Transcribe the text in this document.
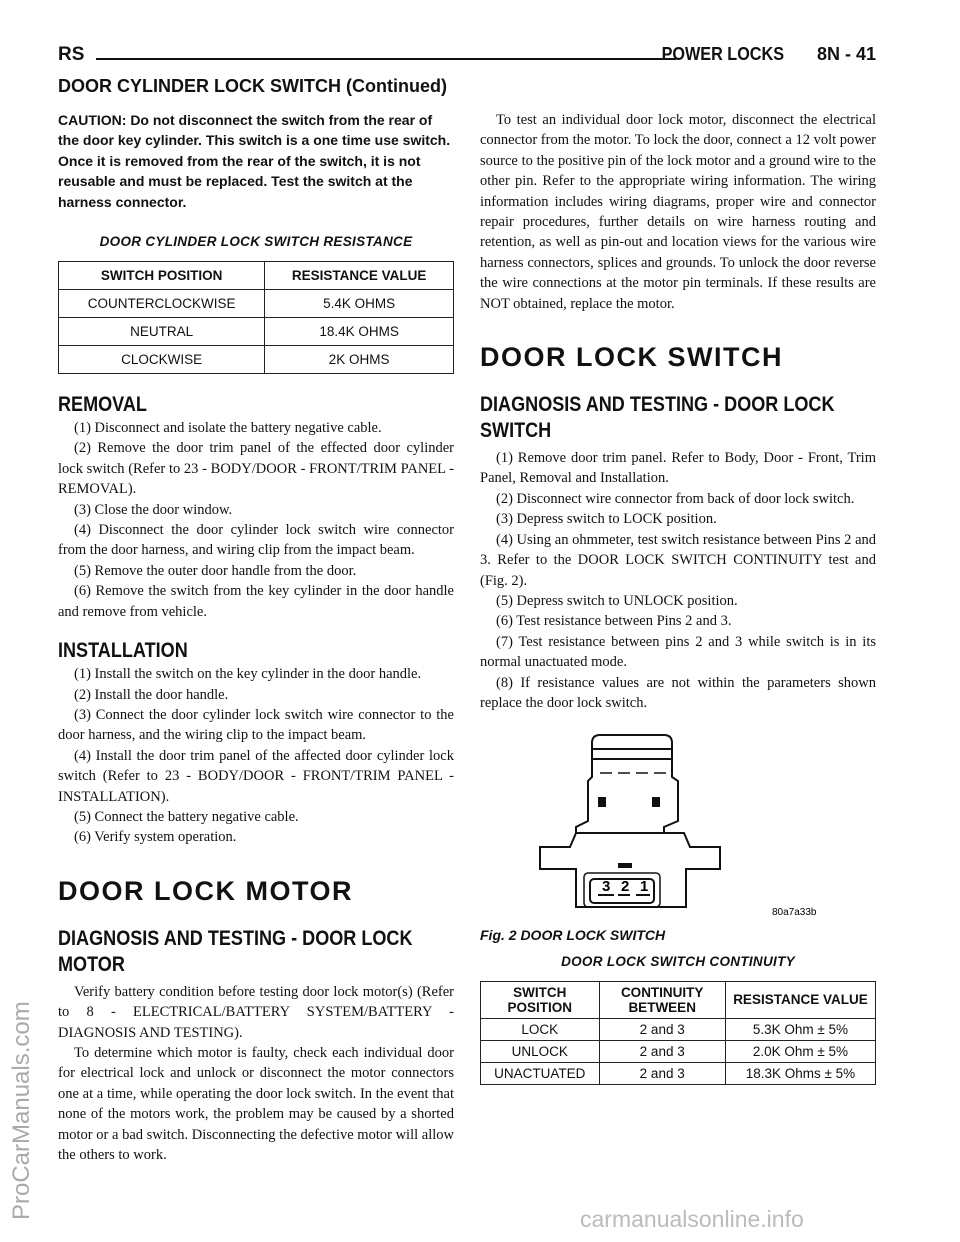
RS	POWER LOCKS 8N - 41
DOOR CYLINDER LOCK SWITCH (Continued)

CAUTION: Do not disconnect the switch from the rear of the door key cylinder. This switch is a one time use switch. Once it is removed from the rear of the switch, it is not reusable and must be replaced. Test the switch at the harness connector.

DOOR CYLINDER LOCK SWITCH RESISTANCE
SWITCH POSITION	RESISTANCE VALUE
COUNTERCLOCKWISE	5.4K OHMS
NEUTRAL	18.4K OHMS
CLOCKWISE	2K OHMS
REMOVAL

(1) Disconnect and isolate the battery negative cable.

(2) Remove the door trim panel of the effected door cylinder lock switch (Refer to 23 - BODY/DOOR - FRONT/TRIM PANEL - REMOVAL).

(3) Close the door window.

(4) Disconnect the door cylinder lock switch wire connector from the door harness, and wiring clip from the impact beam.

(5) Remove the outer door handle from the door.

(6) Remove the switch from the key cylinder in the door handle and remove from vehicle.

INSTALLATION

(1) Install the switch on the key cylinder in the door handle.

(2) Install the door handle.

(3) Connect the door cylinder lock switch wire connector to the door harness, and the wiring clip to the impact beam.

(4) Install the door trim panel of the affected door cylinder lock switch (Refer to 23 - BODY/DOOR - FRONT/TRIM PANEL - INSTALLATION).

(5) Connect the battery negative cable.

(6) Verify system operation.

DOOR LOCK MOTOR
DIAGNOSIS AND TESTING - DOOR LOCK MOTOR

Verify battery condition before testing door lock motor(s) (Refer to 8 - ELECTRICAL/BATTERY SYSTEM/BATTERY - DIAGNOSIS AND TESTING).

To determine which motor is faulty, check each individual door for electrical lock and unlock or disconnect the motor connectors one at a time, while operating the door lock switch. In the event that none of the motors work, the problem may be caused by a shorted motor or a bad switch. Disconnecting the defective motor will allow the others to work.

To test an individual door lock motor, disconnect the electrical connector from the motor. To lock the door, connect a 12 volt power source to the positive pin of the lock motor and a ground wire to the other pin. Refer to the appropriate wiring information. The wiring information includes wiring diagrams, proper wire and connector repair procedures, further details on wire harness routing and retention, as well as pin-out and location views for the various wire harness connectors, splices and grounds. To unlock the door reverse the wire connections at the motor pin terminals. If these results are NOT obtained, replace the motor.

DOOR LOCK SWITCH
DIAGNOSIS AND TESTING - DOOR LOCK SWITCH

(1) Remove door trim panel. Refer to Body, Door - Front, Trim Panel, Removal and Installation.

(2) Disconnect wire connector from back of door lock switch.

(3) Depress switch to LOCK position.

(4) Using an ohmmeter, test switch resistance between Pins 2 and 3. Refer to the DOOR LOCK SWITCH CONTINUITY test and (Fig. 2).

(5) Depress switch to UNLOCK position.

(6) Test resistance between Pins 2 and 3.

(7) Test resistance between pins 2 and 3 while switch is in its normal unactuated mode.

(8) If resistance values are not within the parameters shown replace the door lock switch.

3 2 1
80a7a33b

Fig. 2 DOOR LOCK SWITCH

DOOR LOCK SWITCH CONTINUITY
SWITCH POSITION	CONTINUITY BETWEEN	RESISTANCE VALUE
LOCK	2 and 3	5.3K Ohm ± 5%
UNLOCK	2 and 3	2.0K Ohm ± 5%
UNACTUATED	2 and 3	18.3K Ohms ± 5%
ProCarManuals.com	carmanualsonline.info
